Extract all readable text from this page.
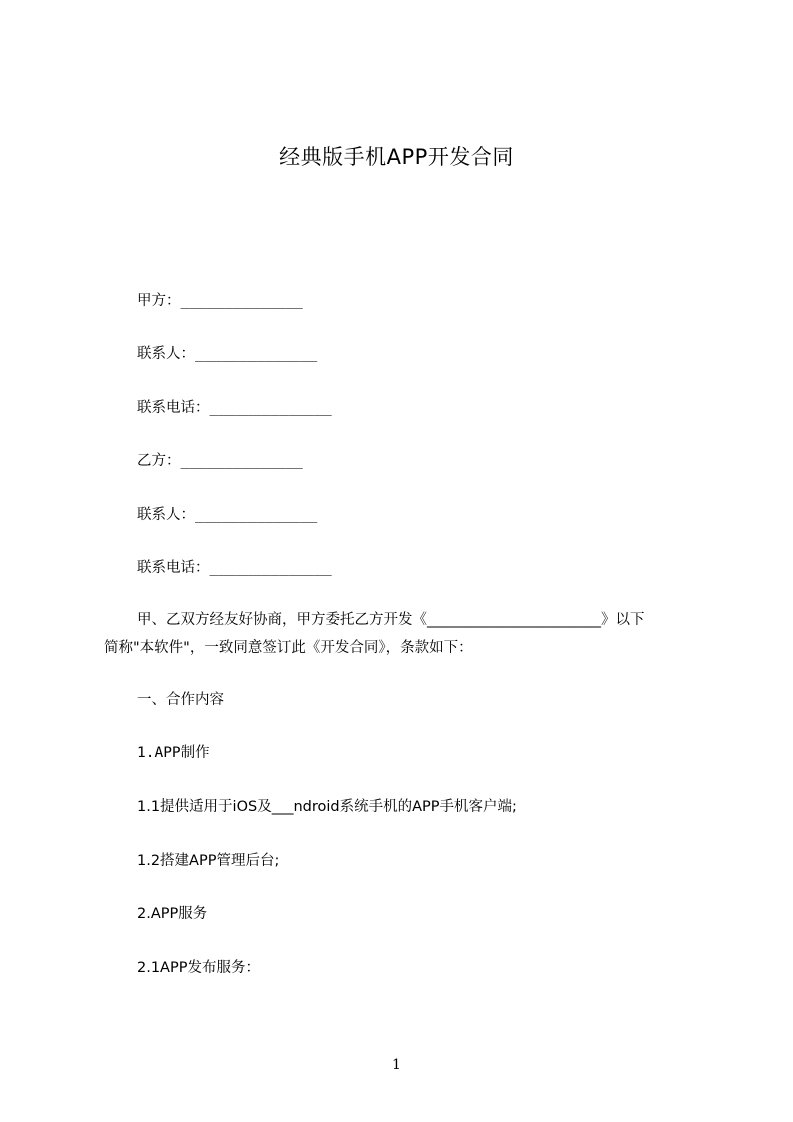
经典版手机APP开发合同
甲方：______________
联系人：______________
联系电话：______________
乙方：______________
联系人：______________
联系电话：______________
甲、乙双方经友好协商，甲方委托乙方开发《________________________》以下
简称"本软件"，一致同意签订此《开发合同》，条款如下：
一、合作内容
1.APP制作
1.1提供适用于iOS及___ndroid系统手机的APP手机客户端;
1.2搭建APP管理后台;
2.APP服务
2.1APP发布服务：
1
